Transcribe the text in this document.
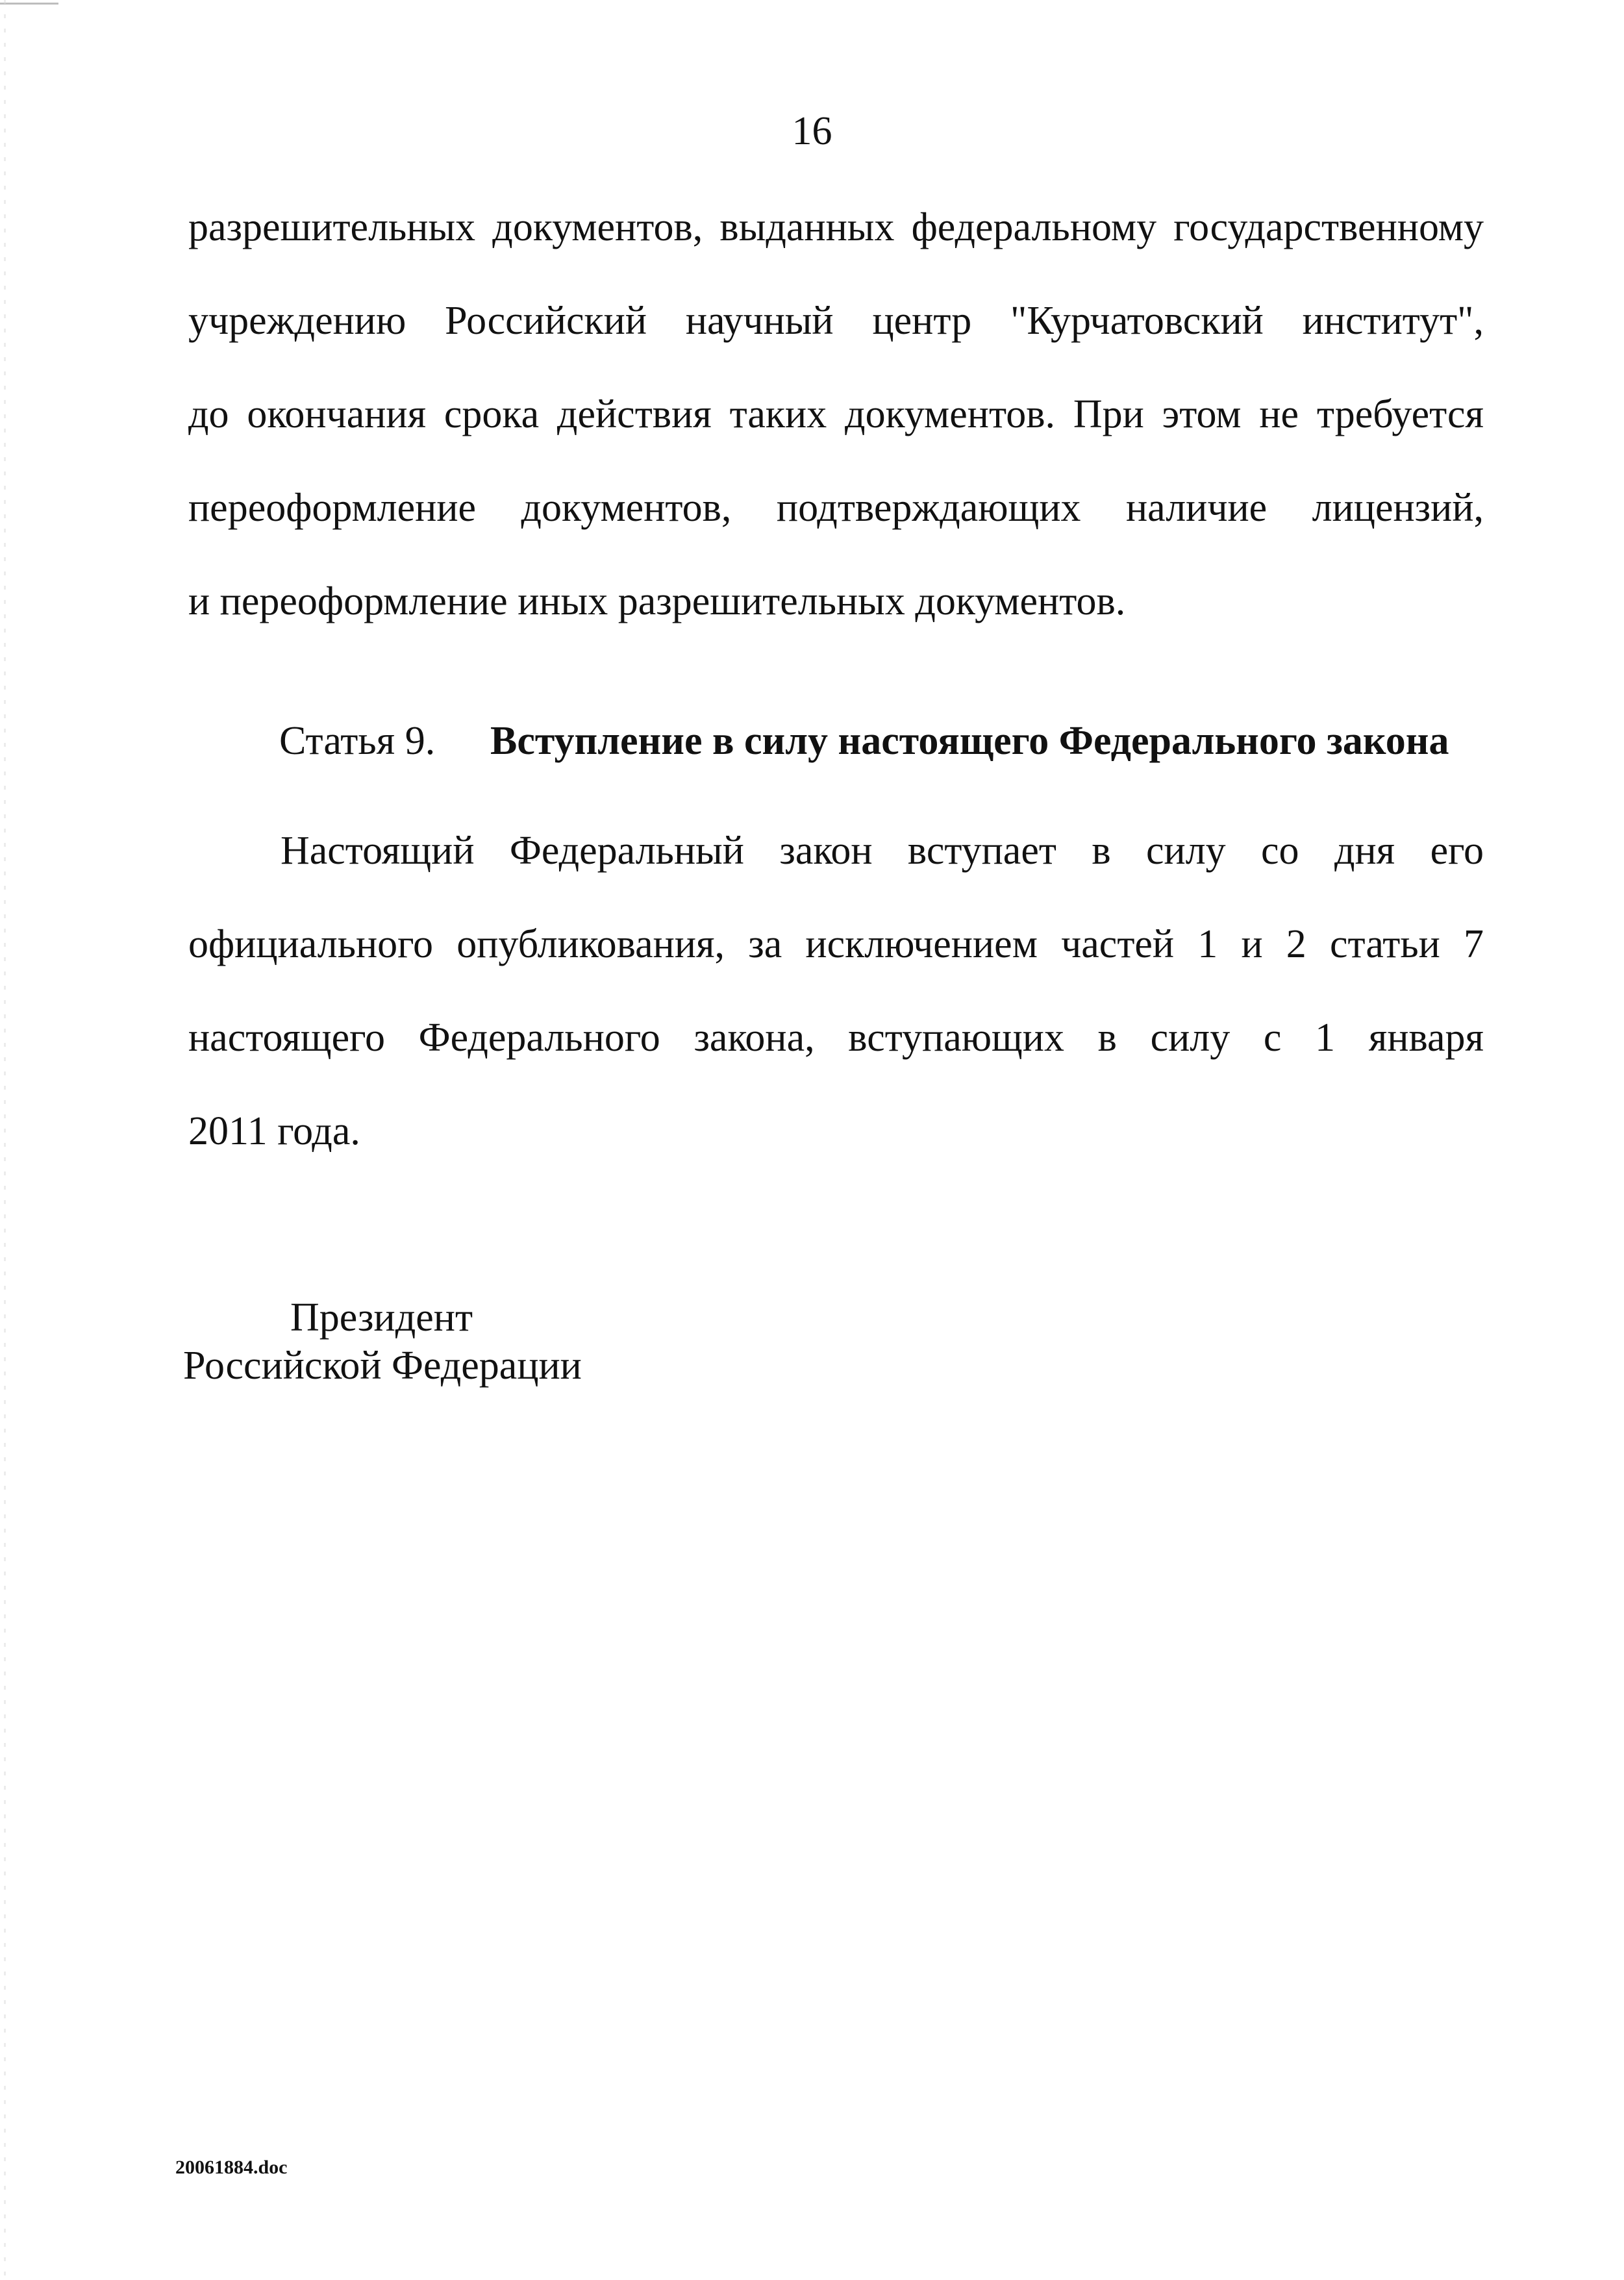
16
разрешительных документов, выданных федеральному государственному
учреждению Российский научный центр "Курчатовский институт",
до окончания срока действия таких документов. При этом не требуется
переоформление документов, подтверждающих наличие лицензий,
и переоформление иных разрешительных документов.
Статья 9. Вступление в силу настоящего Федерального закона
Настоящий Федеральный закон вступает в силу со дня его
официального опубликования, за исключением частей 1 и 2 статьи 7
настоящего Федерального закона, вступающих в силу с 1 января
2011 года.
Президент
Российской Федерации
20061884.doc
